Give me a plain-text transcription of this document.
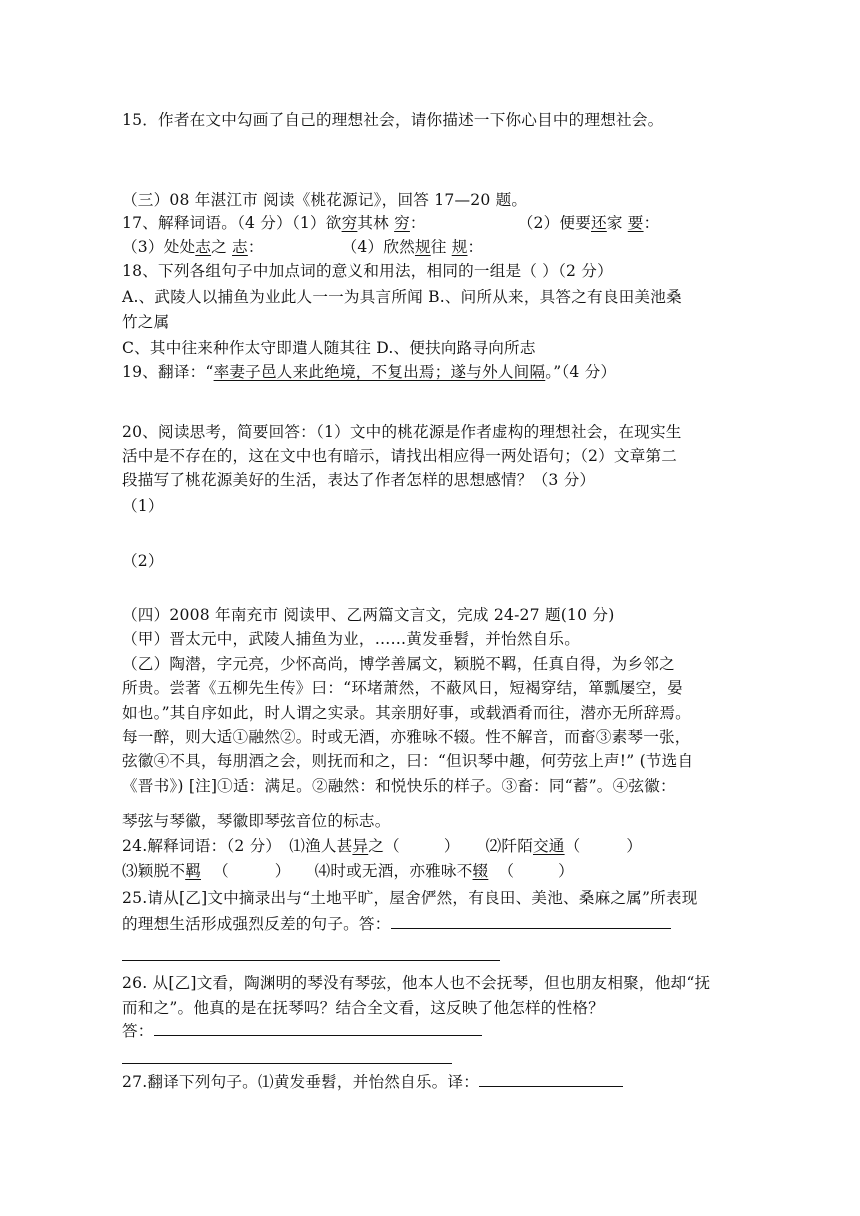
15．作者在文中勾画了自己的理想社会，请你描述一下你心目中的理想社会。
（三）08 年湛江市 阅读《桃花源记》，回答 17—20 题。
17、解释词语。（4 分）（1）欲穷其林 穷：	（2）便要还家 要：
（3）处处志之 志：	（4）欣然规往 规：
18、下列各组句子中加点词的意义和用法，相同的一组是（ ）（2 分）
A.、武陵人以捕鱼为业此人一一为具言所闻 B.、问所从来，具答之有良田美池桑
竹之属
C、其中往来种作太守即遣人随其往 D.、便扶向路寻向所志
19、翻译：“率妻子邑人来此绝境，不复出焉；遂与外人间隔。”（4 分）
20、阅读思考，简要回答：（1）文中的桃花源是作者虚构的理想社会，在现实生
活中是不存在的，这在文中也有暗示，请找出相应得一两处语句；（2）文章第二
段描写了桃花源美好的生活，表达了作者怎样的思想感情？（3 分）
（1）
（2）
（四）2008 年南充市 阅读甲、乙两篇文言文，完成 24-27 题(10 分)
（甲）晋太元中，武陵人捕鱼为业，……黄发垂髫，并怡然自乐。
（乙）陶潜，字元亮，少怀高尚，博学善属文，颖脱不羁，任真自得，为乡邻之
所贵。尝著《五柳先生传》曰：“环堵萧然，不蔽风日，短褐穿结，箪瓢屡空，晏
如也。”其自序如此，时人谓之实录。其亲朋好事，或载酒肴而往，潜亦无所辞焉。
每一醉，则大适①融然②。时或无酒，亦雅咏不辍。性不解音，而畜③素琴一张，
弦徽④不具，每朋酒之会，则抚而和之，曰：“但识琴中趣，何劳弦上声!” (节选自
《晋书》) [注]①适：满足。②融然：和悦快乐的样子。③畜：同“蓄”。④弦徽：
琴弦与琴徽，琴徽即琴弦音位的标志。
24.解释词语：（2 分） ⑴渔人甚异之（	） ⑵阡陌交通（	）
⑶颖脱不羁 （	） ⑷时或无酒，亦雅咏不辍 （	）
25.请从[乙]文中摘录出与“土地平旷，屋舍俨然，有良田、美池、桑麻之属”所表现
的理想生活形成强烈反差的句子。答：
26. 从[乙]文看，陶渊明的琴没有琴弦，他本人也不会抚琴，但也朋友相聚，他却“抚
而和之”。他真的是在抚琴吗？结合全文看，这反映了他怎样的性格？
答：
27.翻译下列句子。⑴黄发垂髫，并怡然自乐。译：
